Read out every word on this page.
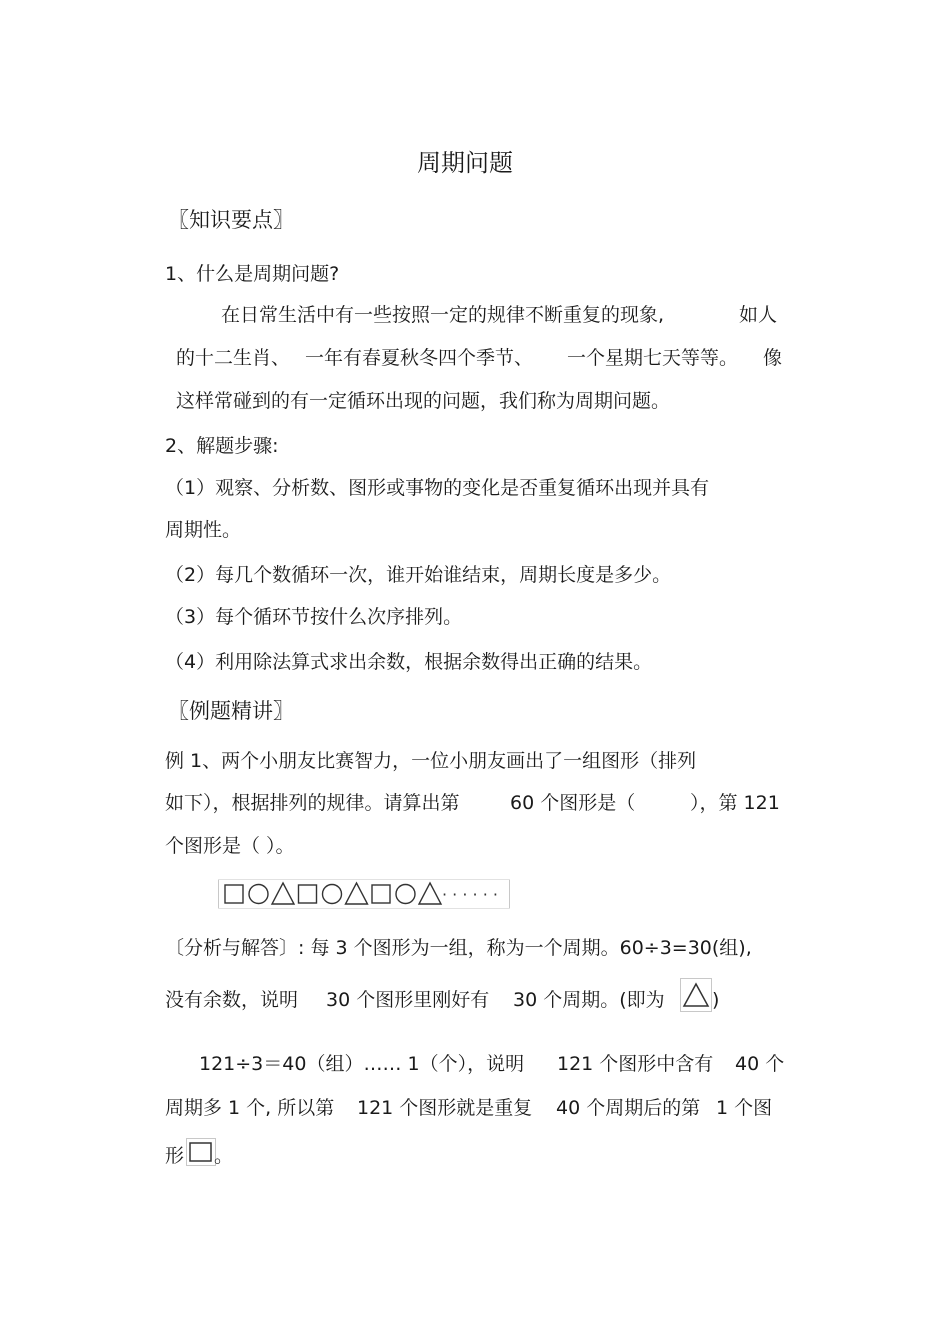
周期问题
〖知识要点〗
1、什么是周期问题?
在日常生活中有一些按照一定的规律不断重复的现象,	如人
的十二生肖、 一年有春夏秋冬四个季节、 一个星期七天等等。 像
这样常碰到的有一定循环出现的问题，我们称为周期问题。
2、解题步骤:
（1）观察、分析数、图形或事物的变化是否重复循环出现并具有
周期性。
（2）每几个数循环一次，谁开始谁结束，周期长度是多少。
（3）每个循环节按什么次序排列。
（4）利用除法算式求出余数，根据余数得出正确的结果。
〖例题精讲〗
例 1、两个小朋友比赛智力，一位小朋友画出了一组图形（排列
如下），根据排列的规律。请算出第	60 个图形是（	），第 121
个图形是（ ）。
· · · · · ·
〔分析与解答〕: 每 3 个图形为一组，称为一个周期。60÷3=30(组),
没有余数，说明 30 个图形里刚好有 30 个周期。(即为 )
121÷3＝40（组）…… 1（个），说明 121 个图形中含有 40 个
周期多 1 个, 所以第 121 个图形就是重复 40 个周期后的第 1 个图
形 。
